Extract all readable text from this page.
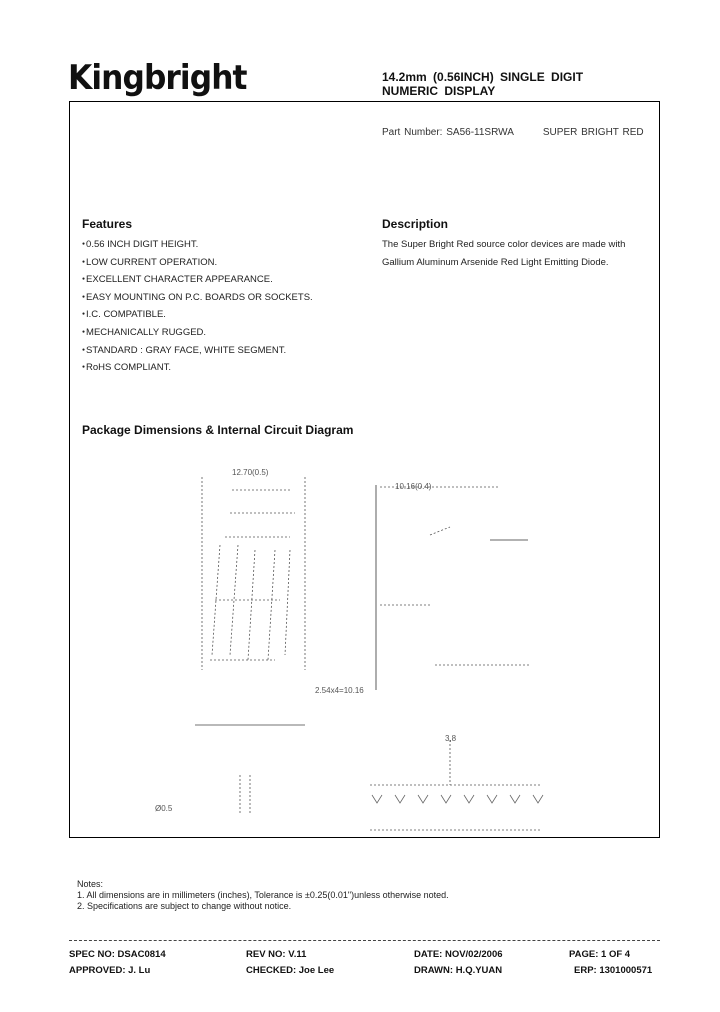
Kingbright	14.2mm (0.56INCH) SINGLE DIGIT
NUMERIC DISPLAY
Part Number: SA56-11SRWA	SUPER BRIGHT RED
Features
● 0.56 INCH DIGIT HEIGHT.
● LOW CURRENT OPERATION.
● EXCELLENT CHARACTER APPEARANCE.
● EASY MOUNTING ON P.C. BOARDS OR SOCKETS.
● I.C. COMPATIBLE.
● MECHANICALLY RUGGED.
● STANDARD : GRAY FACE, WHITE SEGMENT.
● RoHS COMPLIANT.
Description
The Super Bright Red source color devices are made with
Gallium Aluminum Arsenide Red Light Emitting Diode.
Package Dimensions & Internal Circuit Diagram
12.70(0.5)
10.16(0.4)
2.54x4=10.16
Ø0.5
3,8
Notes:
1. All dimensions are in millimeters (inches), Tolerance is ±0.25(0.01")unless otherwise noted.
2. Specifications are subject to change without notice.
SPEC NO: DSAC0814	REV NO: V.11	DATE: NOV/02/2006	PAGE: 1 OF 4
APPROVED: J. Lu	CHECKED: Joe Lee	DRAWN: H.Q.YUAN	ERP: 1301000571
